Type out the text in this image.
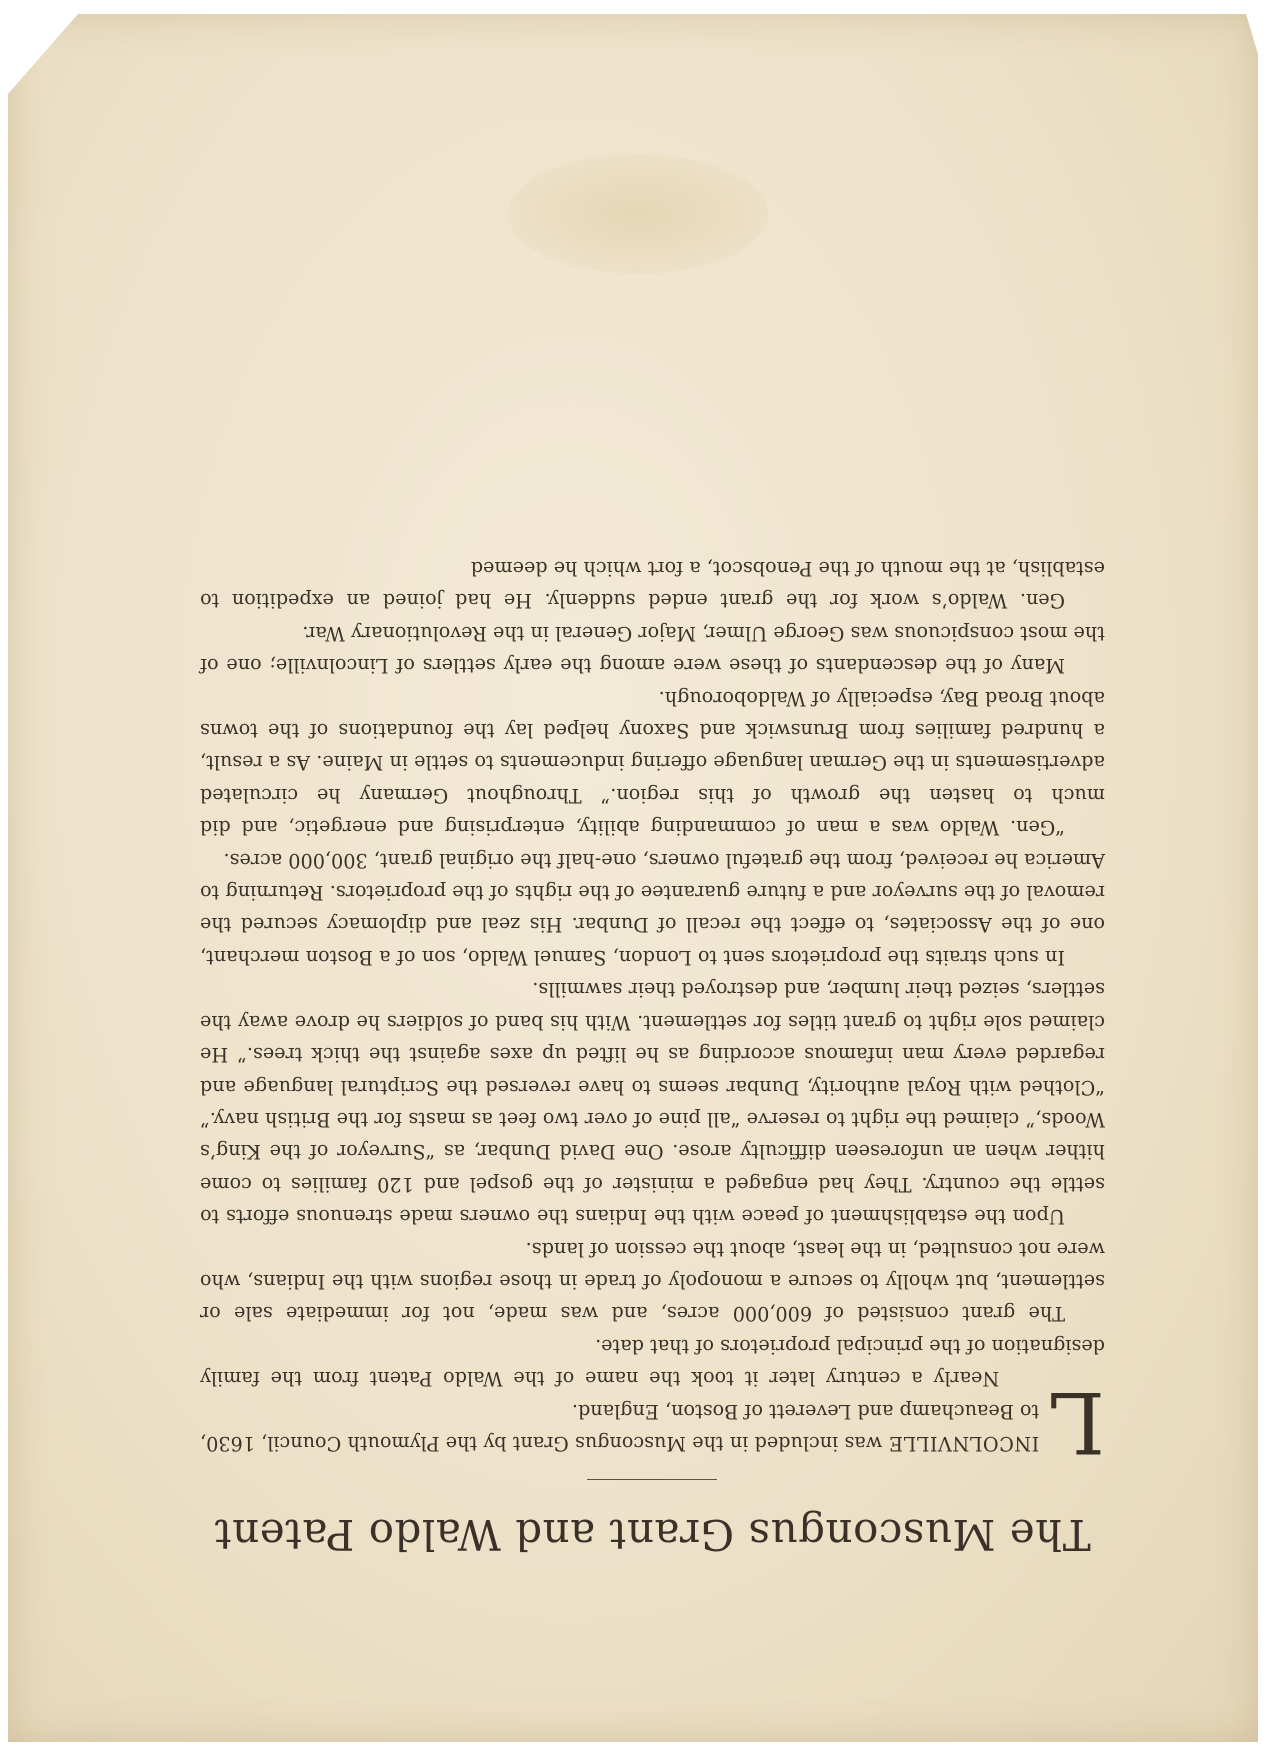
The Muscongus Grant and Waldo Patent

L
INCOLNVILLE was included in the Muscongus Grant by the Plymouth Council, 1630, to Beauchamp and Leverett of Boston, England.

Nearly a century later it took the name of the Waldo Patent from the family designation of the principal proprietors of that date.

The grant consisted of 600,000 acres, and was made, not for immediate sale or settlement, but wholly to secure a monopoly of trade in those regions with the Indians, who were not consulted, in the least, about the cession of lands.

Upon the establishment of peace with the Indians the owners made strenuous efforts to settle the country. They had engaged a minister of the gospel and 120 families to come hither when an unforeseen difficulty arose. One David Dunbar, as “Surveyor of the King’s Woods,” claimed the right to reserve “all pine of over two feet as masts for the British navy.” “Clothed with Royal authority, Dunbar seems to have reversed the Scriptural language and regarded every man infamous according as he lifted up axes against the thick trees.” He claimed sole right to grant titles for settlement. With his band of soldiers he drove away the settlers, seized their lumber, and destroyed their sawmills.

In such straits the proprietors sent to London, Samuel Waldo, son of a Boston merchant, one of the Associates, to effect the recall of Dunbar. His zeal and diplomacy secured the removal of the surveyor and a future guarantee of the rights of the proprietors. Returning to America he received, from the grateful owners, one-half the original grant, 300,000 acres.

“Gen. Waldo was a man of commanding ability, enterprising and energetic, and did much to hasten the growth of this region.” Throughout Germany he circulated advertisements in the German language offering inducements to settle in Maine. As a result, a hundred families from Brunswick and Saxony helped lay the foundations of the towns about Broad Bay, especially of Waldoborough.

Many of the descendants of these were among the early settlers of Lincolnville; one of the most conspicuous was George Ulmer, Major General in the Revolutionary War.

Gen. Waldo’s work for the grant ended suddenly. He had joined an expedition to establish, at the mouth of the Penobscot, a fort which he deemed
